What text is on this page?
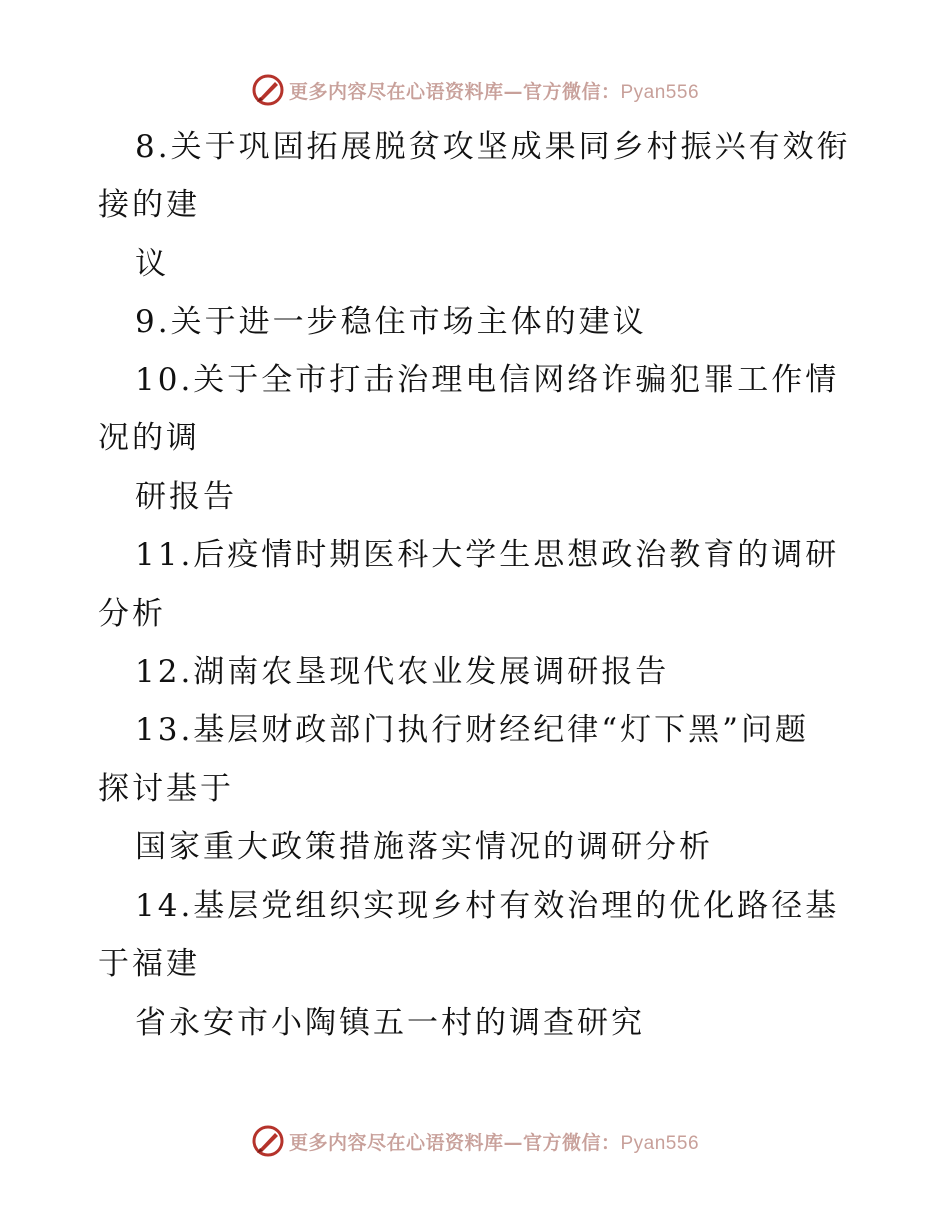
更多内容尽在心语资料库—官方微信：Pyan556
8.关于巩固拓展脱贫攻坚成果同乡村振兴有效衔
接的建
议
9.关于进一步稳住市场主体的建议
10.关于全市打击治理电信网络诈骗犯罪工作情
况的调
研报告
11.后疫情时期医科大学生思想政治教育的调研
分析
12.湖南农垦现代农业发展调研报告
13.基层财政部门执行财经纪律“灯下黑”问题
探讨基于
国家重大政策措施落实情况的调研分析
14.基层党组织实现乡村有效治理的优化路径基
于福建
省永安市小陶镇五一村的调查研究
更多内容尽在心语资料库—官方微信：Pyan556
